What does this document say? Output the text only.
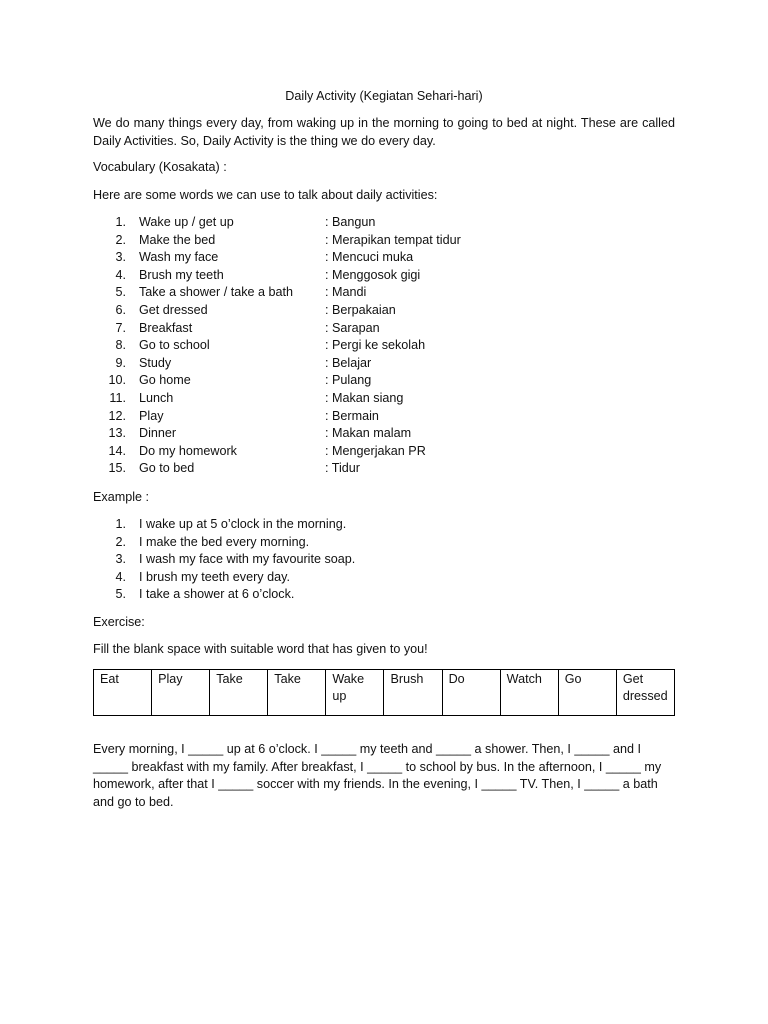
Daily Activity (Kegiatan Sehari-hari)
We do many things every day, from waking up in the morning to going to bed at night. These are called Daily Activities. So, Daily Activity is the thing we do every day.
Vocabulary (Kosakata) :
Here are some words we can use to talk about daily activities:
1. Wake up / get up	: Bangun
2. Make the bed	: Merapikan tempat tidur
3. Wash my face	: Mencuci muka
4. Brush my teeth	: Menggosok gigi
5. Take a shower / take a bath	: Mandi
6. Get dressed	: Berpakaian
7. Breakfast	: Sarapan
8. Go to school	: Pergi ke sekolah
9. Study	: Belajar
10. Go home	: Pulang
11. Lunch	: Makan siang
12. Play	: Bermain
13. Dinner	: Makan malam
14. Do my homework	: Mengerjakan PR
15. Go to bed	: Tidur
Example :
1. I wake up at 5 o’clock in the morning.
2. I make the bed every morning.
3. I wash my face with my favourite soap.
4. I brush my teeth every day.
5. I take a shower at 6 o’clock.
Exercise:
Fill the blank space with suitable word that has given to you!
Eat	Play	Take	Take	Wake up	Brush	Do	Watch	Go	Get dressed
Every morning, I _____ up at 6 o’clock. I _____ my teeth and _____ a shower. Then, I _____ and I _____ breakfast with my family. After breakfast, I _____ to school by bus. In the afternoon, I _____ my homework, after that I _____ soccer with my friends. In the evening, I _____ TV. Then, I _____ a bath and go to bed.
